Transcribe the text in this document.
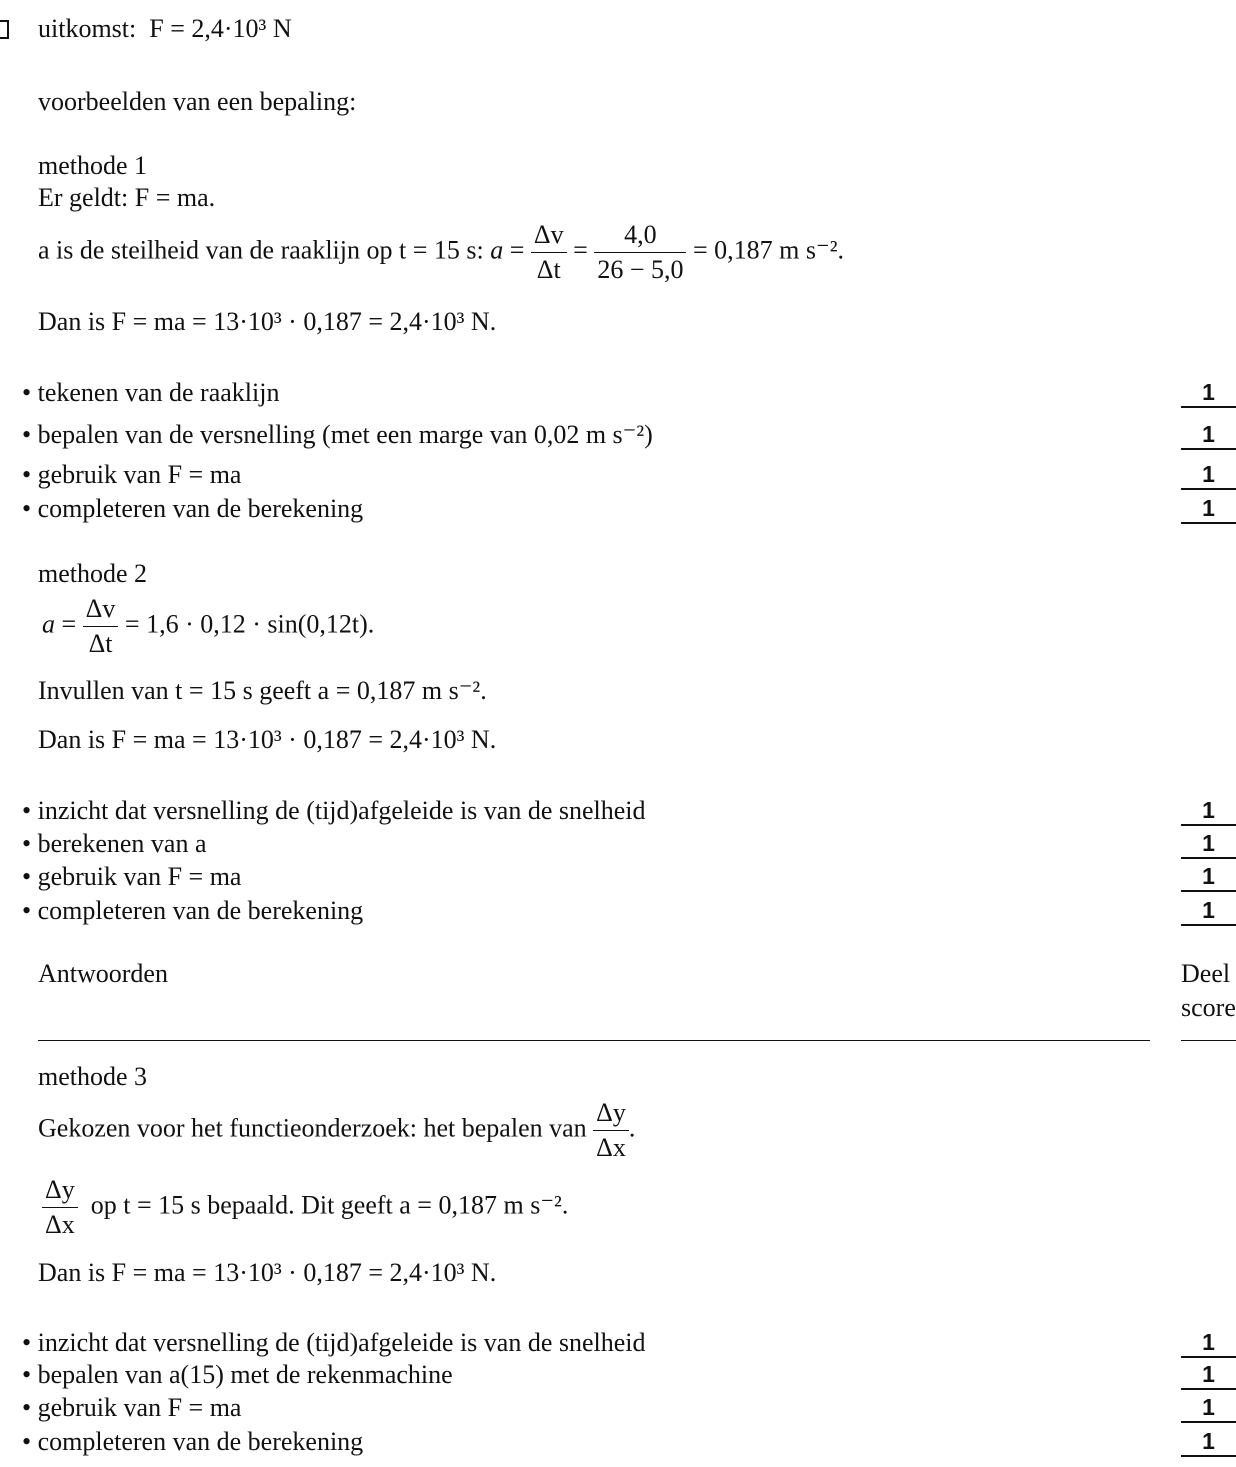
uitkomst: F = 2,4·10³ N
voorbeelden van een bepaling:
methode 1
Er geldt: F = ma.
a is de steilheid van de raaklijn op t = 15 s: $a = \frac{\Delta v}{\Delta t} = \frac{4,0}{26 - 5,0} = 0,187$ m s⁻².
Dan is F = ma = 13·10³ · 0,187 = 2,4·10³ N.
• tekenen van de raaklijn
• bepalen van de versnelling (met een marge van 0,02 m s⁻²)
• gebruik van F = ma
• completeren van de berekening
1
1
1
1
methode 2
$a = \frac{\Delta v}{\Delta t} = 1,6 \cdot 0,12 \cdot \sin(0,12t)$.
Invullen van t = 15 s geeft a = 0,187 m s⁻².
Dan is F = ma = 13·10³ · 0,187 = 2,4·10³ N.
• inzicht dat versnelling de (tijd)afgeleide is van de snelheid
• berekenen van a
• gebruik van F = ma
• completeren van de berekening
1
1
1
1
Antwoorden	Deel
score
methode 3
Gekozen voor het functieonderzoek: het bepalen van $\frac{\Delta y}{\Delta x}$ .
$\frac{\Delta y}{\Delta x}$ op t = 15 s bepaald. Dit geeft a = 0,187 m s⁻².
Dan is F = ma = 13·10³ · 0,187 = 2,4·10³ N.
• inzicht dat versnelling de (tijd)afgeleide is van de snelheid
• bepalen van a(15) met de rekenmachine
• gebruik van F = ma
• completeren van de berekening
1
1
1
1
